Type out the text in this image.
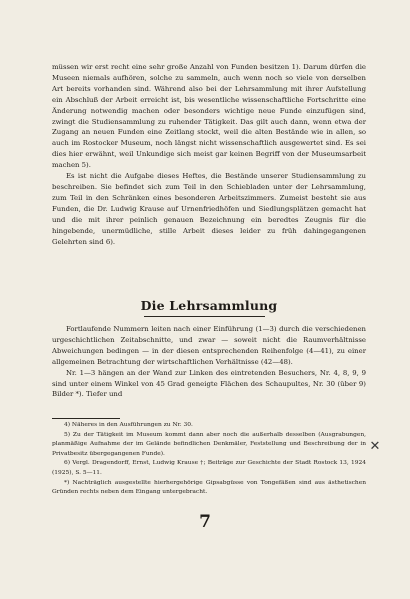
müssen wir erst recht eine sehr große Anzahl von Funden besitzen 1). Darum dürfen die Museen niemals aufhören, solche zu sammeln, auch wenn noch so viele von derselben Art bereits vorhanden sind. Während also bei der Lehrsammlung mit ihrer Aufstellung ein Abschluß der Arbeit erreicht ist, bis wesentliche wissenschaftliche Fortschritte eine Änderung notwendig machen oder besonders wichtige neue Funde einzufügen sind, zwingt die Studiensammlung zu ruhender Tätigkeit. Das gilt auch dann, wenn etwa der Zugang an neuen Funden eine Zeitlang stockt, weil die alten Bestände wie in allen, so auch im Rostocker Museum, noch längst nicht wissenschaftlich ausgewertet sind. Es sei dies hier erwähnt, weil Unkundige sich meist gar keinen Begriff von der Museumsarbeit machen 5).

Es ist nicht die Aufgabe dieses Heftes, die Bestände unserer Studiensammlung zu beschreiben. Sie befindet sich zum Teil in den Schiebladen unter der Lehrsammlung, zum Teil in den Schränken eines besonderen Arbeitszimmers. Zumeist besteht sie aus Funden, die Dr. Ludwig Krause auf Urnenfriedhöfen und Siedlungsplätzen gemacht hat und die mit ihrer peinlich genauen Bezeichnung ein beredtes Zeugnis für die hingebende, unermüdliche, stille Arbeit dieses leider zu früh dahingegangenen Gelehrten sind 6).

Die Lehrsammlung

Fortlaufende Nummern leiten nach einer Einführung (1—3) durch die verschiedenen urgeschichtlichen Zeitabschnitte, und zwar — soweit nicht die Raumverhältnisse Abweichungen bedingen — in der diesen entsprechenden Reihenfolge (4—41), zu einer allgemeinen Betrachtung der wirtschaftlichen Verhältnisse (42—48).

Nr. 1—3 hängen an der Wand zur Linken des eintretenden Besuchers, Nr. 4, 8, 9, 9 sind unter einem Winkel von 45 Grad geneigte Flächen des Schaupultes, Nr. 30 (über 9) Bilder *). Tiefer und

4) Näheres in den Ausführungen zu Nr. 30.

5) Zu der Tätigkeit im Museum kommt dann aber noch die außerhalb desselben (Ausgrabungen, planmäßige Aufnahme der im Gelände befindlichen Denkmäler, Feststellung und Beschreibung der in Privatbesitz übergegangenen Funde).

6) Vergl. Dragendorff, Ernst, Ludwig Krause †; Beiträge zur Geschichte der Stadt Rostock 13, 1924 (1925), S. 5—11.

*) Nachträglich ausgestellte hierhergehörige Gipsabgüsse von Tongefäßen sind aus ästhetischen Gründen rechts neben dem Eingang untergebracht.

✕
7
